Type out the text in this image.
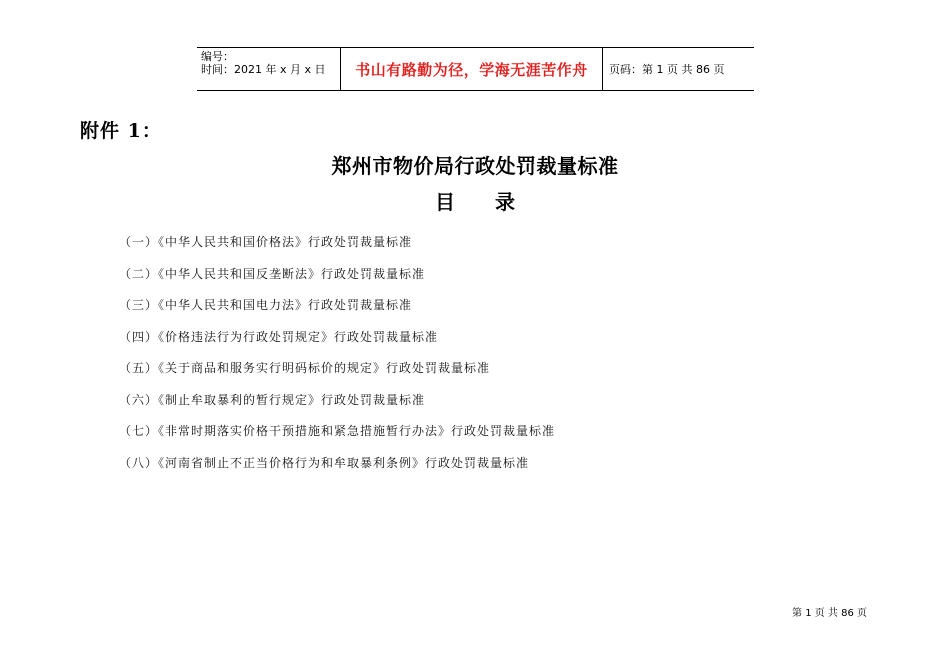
编号：
时间：2021 年 x 月 x 日	书山有路勤为径，学海无涯苦作舟	页码：第 1 页 共 86 页
附件 1：
郑州市物价局行政处罚裁量标准
目　　录
（一）《中华人民共和国价格法》行政处罚裁量标准
（二）《中华人民共和国反垄断法》行政处罚裁量标准
（三）《中华人民共和国电力法》行政处罚裁量标准
（四）《价格违法行为行政处罚规定》行政处罚裁量标准
（五）《关于商品和服务实行明码标价的规定》行政处罚裁量标准
（六）《制止牟取暴利的暂行规定》行政处罚裁量标准
（七）《非常时期落实价格干预措施和紧急措施暂行办法》行政处罚裁量标准
（八）《河南省制止不正当价格行为和牟取暴利条例》行政处罚裁量标准
第 1 页 共 86 页
